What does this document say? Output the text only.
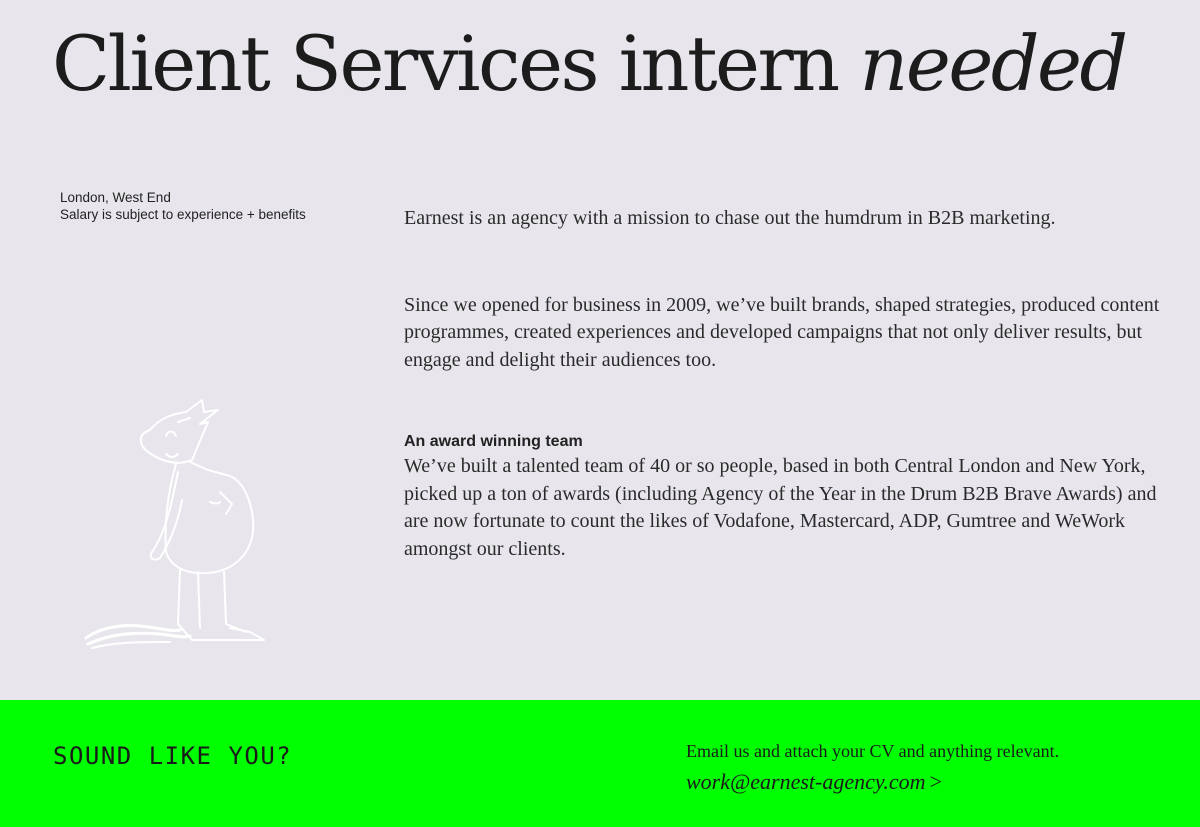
Client Services intern needed
London, West End
Salary is subject to experience + benefits	Earnest is an agency with a mission to chase out the humdrum in B2B marketing.

Since we opened for business in 2009, we’ve built brands, shaped strategies, produced content programmes, created experiences and developed campaigns that not only deliver results, but engage and delight their audiences too.

An award winning team

We’ve built a talented team of 40 or so people, based in both Central London and New York, picked up a ton of awards (including Agency of the Year in the Drum B2B Brave Awards) and are now fortunate to count the likes of Vodafone, Mastercard, ADP, Gumtree and WeWork amongst our clients.

SOUND LIKE YOU?	Email us and attach your CV and anything relevant.
work@earnest-agency.com >
